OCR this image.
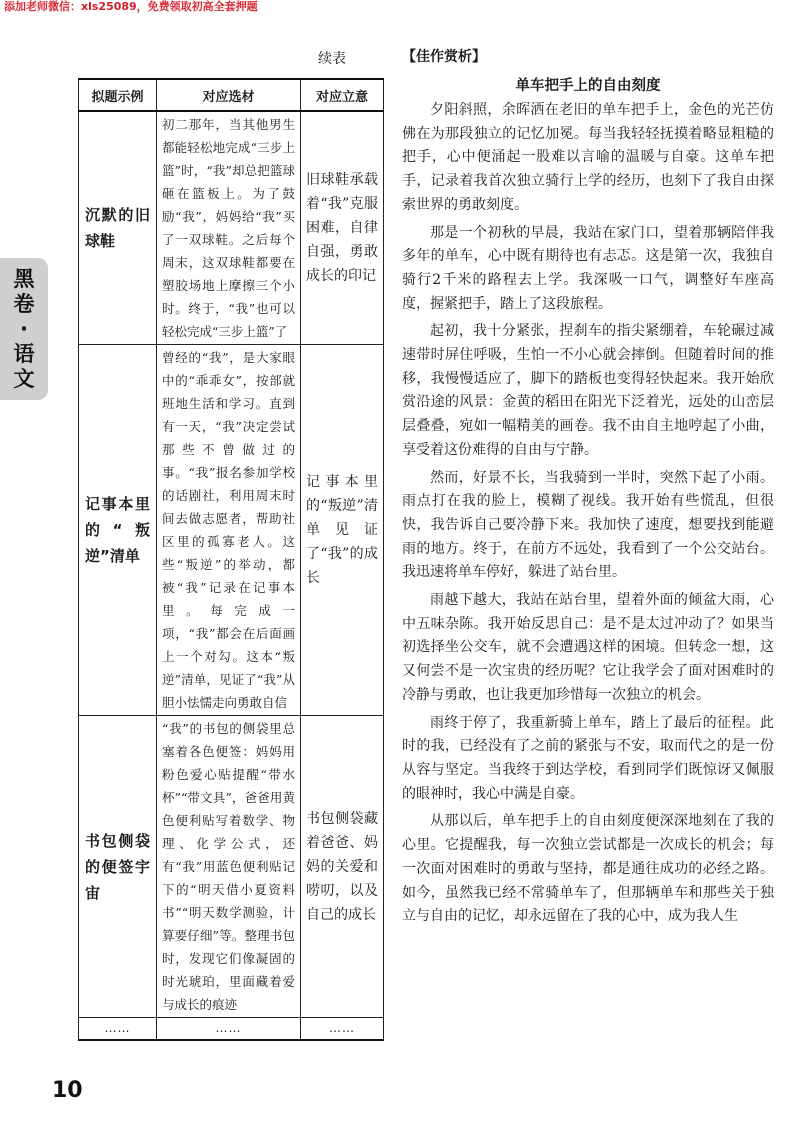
添加老师微信：xls25089，免费领取初高全套押题
黑
卷
·
语
文
续表
拟题示例	对应选材	对应立意
沉默的旧球鞋	初二那年，当其他男生都能轻松地完成“三步上篮”时，“我”却总把篮球砸在篮板上。为了鼓励“我”，妈妈给“我”买了一双球鞋。之后每个周末，这双球鞋都要在塑胶场地上摩擦三个小时。终于，“我”也可以轻松完成“三步上篮”了	旧球鞋承载着“我”克服困难，自律自强，勇敢成长的印记
记事本里的“叛逆”清单	曾经的“我”，是大家眼中的“乖乖女”，按部就班地生活和学习。直到有一天，“我”决定尝试那些不曾做过的事。“我”报名参加学校的话剧社，利用周末时间去做志愿者，帮助社区里的孤寡老人。这些“叛逆”的举动，都被“我”记录在记事本里。每完成一项，“我”都会在后面画上一个对勾。这本“叛逆”清单，见证了“我”从胆小怯懦走向勇敢自信	记事本里的“叛逆”清单见证了“我”的成长
书包侧袋的便签宇宙	“我”的书包的侧袋里总塞着各色便签：妈妈用粉色爱心贴提醒“带水杯”“带文具”，爸爸用黄色便利贴写着数学、物理、化学公式，还有“我”用蓝色便利贴记下的“明天借小夏资料书”“明天数学测验，计算要仔细”等。整理书包时，发现它们像凝固的时光琥珀，里面藏着爱与成长的痕迹	书包侧袋藏着爸爸、妈妈的关爱和唠叨，以及自己的成长
……	……	……
【佳作赏析】
单车把手上的自由刻度

夕阳斜照，余晖洒在老旧的单车把手上，金色的光芒仿佛在为那段独立的记忆加冕。每当我轻轻抚摸着略显粗糙的把手，心中便涌起一股难以言喻的温暖与自豪。这单车把手，记录着我首次独立骑行上学的经历，也刻下了我自由探索世界的勇敢刻度。

那是一个初秋的早晨，我站在家门口，望着那辆陪伴我多年的单车，心中既有期待也有忐忑。这是第一次，我独自骑行2千米的路程去上学。我深吸一口气，调整好车座高度，握紧把手，踏上了这段旅程。

起初，我十分紧张，捏刹车的指尖紧绷着，车轮碾过减速带时屏住呼吸，生怕一不小心就会摔倒。但随着时间的推移，我慢慢适应了，脚下的踏板也变得轻快起来。我开始欣赏沿途的风景：金黄的稻田在阳光下泛着光，远处的山峦层层叠叠，宛如一幅精美的画卷。我不由自主地哼起了小曲，享受着这份难得的自由与宁静。

然而，好景不长，当我骑到一半时，突然下起了小雨。雨点打在我的脸上，模糊了视线。我开始有些慌乱，但很快，我告诉自己要冷静下来。我加快了速度，想要找到能避雨的地方。终于，在前方不远处，我看到了一个公交站台。我迅速将单车停好，躲进了站台里。

雨越下越大，我站在站台里，望着外面的倾盆大雨，心中五味杂陈。我开始反思自己：是不是太过冲动了？如果当初选择坐公交车，就不会遭遇这样的困境。但转念一想，这又何尝不是一次宝贵的经历呢？它让我学会了面对困难时的冷静与勇敢，也让我更加珍惜每一次独立的机会。

雨终于停了，我重新骑上单车，踏上了最后的征程。此时的我，已经没有了之前的紧张与不安，取而代之的是一份从容与坚定。当我终于到达学校，看到同学们既惊讶又佩服的眼神时，我心中满是自豪。

从那以后，单车把手上的自由刻度便深深地刻在了我的心里。它提醒我，每一次独立尝试都是一次成长的机会；每一次面对困难时的勇敢与坚持，都是通往成功的必经之路。如今，虽然我已经不常骑单车了，但那辆单车和那些关于独立与自由的记忆，却永远留在了我的心中，成为我人生

10
